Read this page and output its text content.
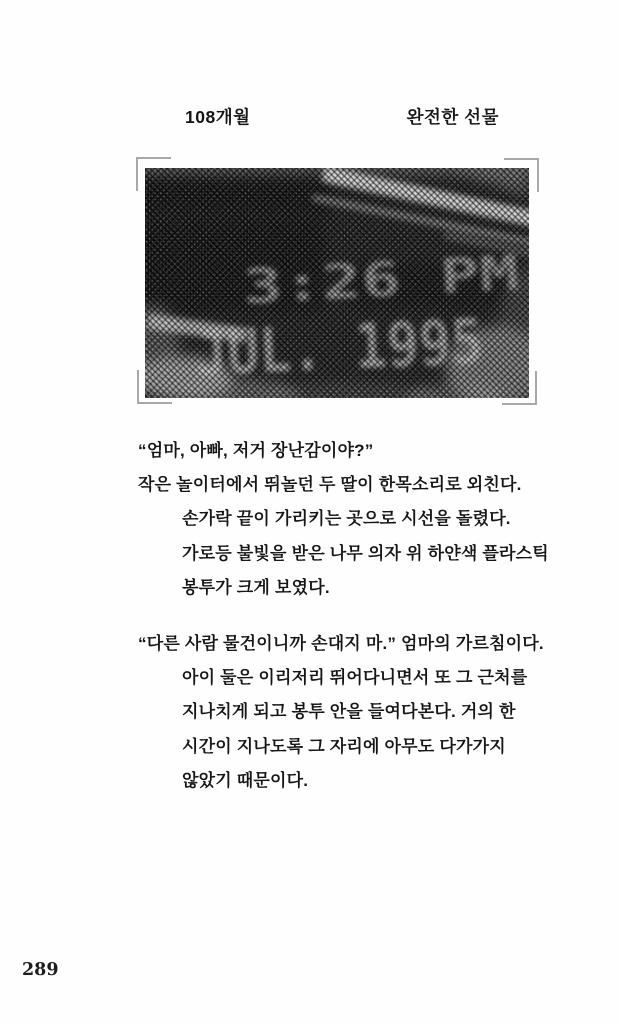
108개월	완전한 선물
“엄마, 아빠, 저거 장난감이야?”
작은 놀이터에서 뛰놀던 두 딸이 한목소리로 외친다.
손가락 끝이 가리키는 곳으로 시선을 돌렸다.
가로등 불빛을 받은 나무 의자 위 하얀색 플라스틱
봉투가 크게 보였다.
“다른 사람 물건이니까 손대지 마.” 엄마의 가르침이다.
아이 둘은 이리저리 뛰어다니면서 또 그 근처를
지나치게 되고 봉투 안을 들여다본다. 거의 한
시간이 지나도록 그 자리에 아무도 다가가지
않았기 때문이다.
289
